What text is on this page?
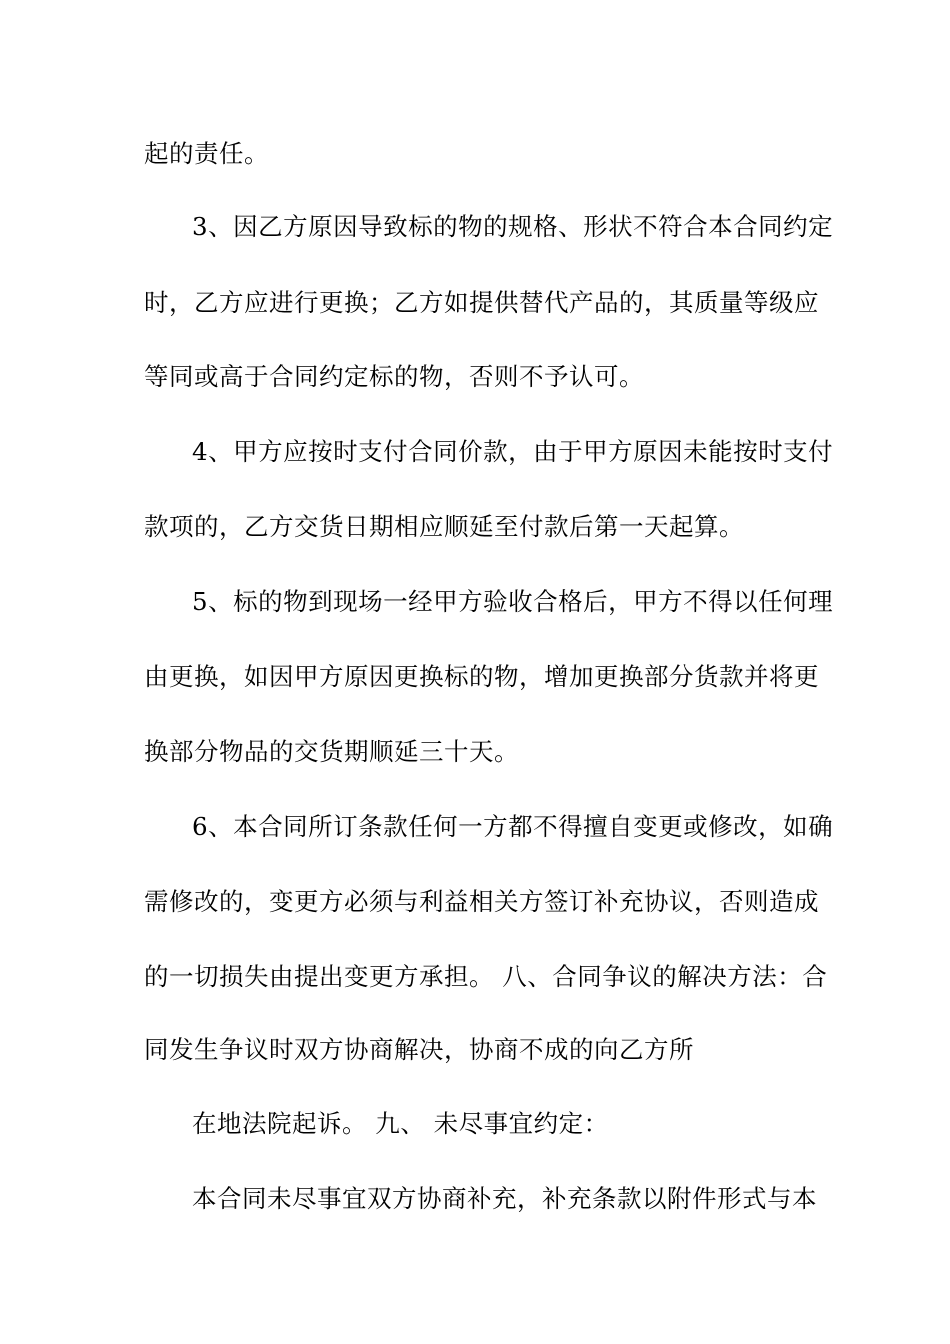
起的责任。
3、因乙方原因导致标的物的规格、形状不符合本合同约定
时，乙方应进行更换；乙方如提供替代产品的，其质量等级应
等同或高于合同约定标的物，否则不予认可。
4、甲方应按时支付合同价款，由于甲方原因未能按时支付
款项的，乙方交货日期相应顺延至付款后第一天起算。
5、标的物到现场一经甲方验收合格后，甲方不得以任何理
由更换，如因甲方原因更换标的物，增加更换部分货款并将更
换部分物品的交货期顺延三十天。
6、本合同所订条款任何一方都不得擅自变更或修改，如确
需修改的，变更方必须与利益相关方签订补充协议，否则造成
的一切损失由提出变更方承担。 八、合同争议的解决方法：合
同发生争议时双方协商解决，协商不成的向乙方所
在地法院起诉。 九、 未尽事宜约定：
本合同未尽事宜双方协商补充，补充条款以附件形式与本
